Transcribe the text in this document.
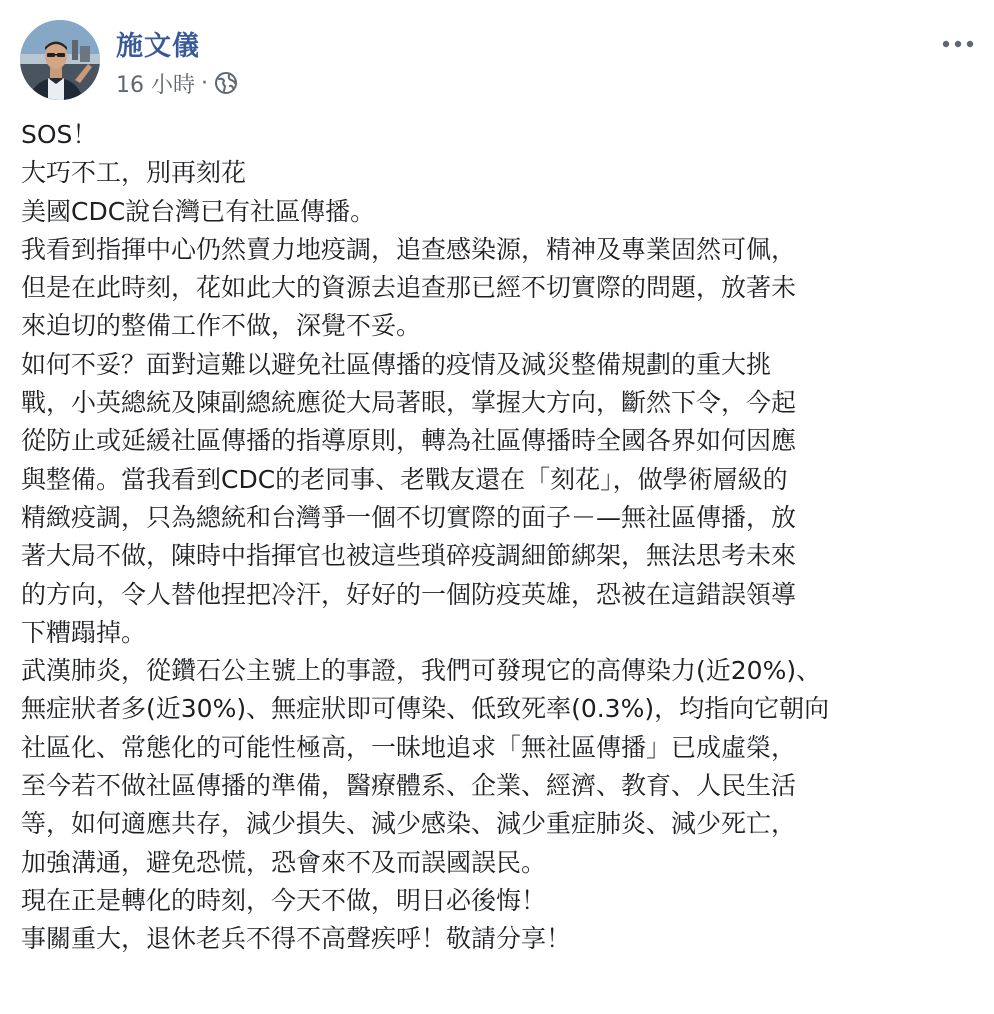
施文儀
16 小時 ·
SOS！
大巧不工，別再刻花
美國CDC說台灣已有社區傳播。
我看到指揮中心仍然賣力地疫調，追查感染源，精神及專業固然可佩，
但是在此時刻，花如此大的資源去追查那已經不切實際的問題，放著未
來迫切的整備工作不做，深覺不妥。
如何不妥？面對這難以避免社區傳播的疫情及減災整備規劃的重大挑
戰，小英總統及陳副總統應從大局著眼，掌握大方向，斷然下令，今起
從防止或延緩社區傳播的指導原則，轉為社區傳播時全國各界如何因應
與整備。當我看到CDC的老同事、老戰友還在「刻花」，做學術層級的
精緻疫調，只為總統和台灣爭一個不切實際的面子－—無社區傳播，放
著大局不做，陳時中指揮官也被這些瑣碎疫調細節綁架，無法思考未來
的方向，令人替他捏把冷汗，好好的一個防疫英雄，恐被在這錯誤領導
下糟蹋掉。
武漢肺炎，從鑽石公主號上的事證，我們可發現它的高傳染力(近20%)、
無症狀者多(近30%)、無症狀即可傳染、低致死率(0.3%)，均指向它朝向
社區化、常態化的可能性極高，一昧地追求「無社區傳播」已成虛榮，
至今若不做社區傳播的準備，醫療體系、企業、經濟、教育、人民生活
等，如何適應共存，減少損失、減少感染、減少重症肺炎、減少死亡，
加強溝通，避免恐慌，恐會來不及而誤國誤民。
現在正是轉化的時刻，今天不做，明日必後悔！
事關重大，退休老兵不得不高聲疾呼！敬請分享！
